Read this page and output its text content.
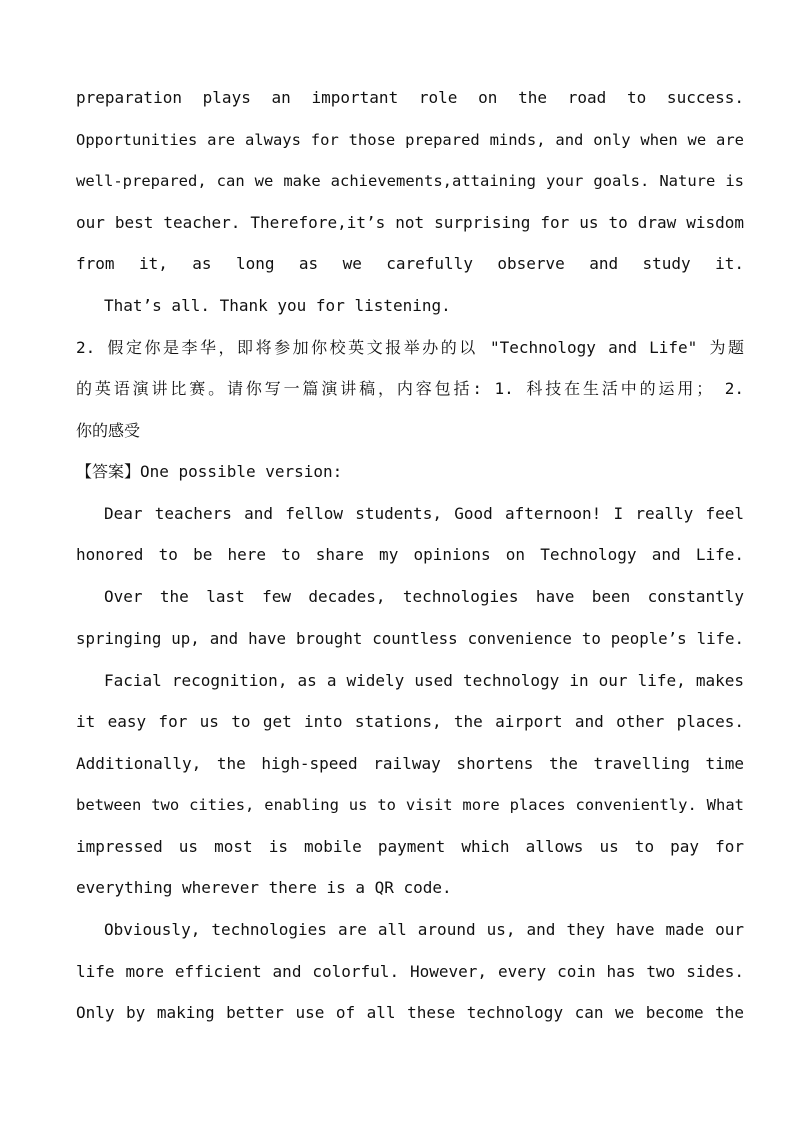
preparation plays an important role on the road to success.
Opportunities are always for those prepared minds, and only when we are
well-prepared, can we make achievements,attaining your goals. Nature is
our best teacher. Therefore,it’s not surprising for us to draw wisdom
from it, as long as we carefully observe and study it.
That’s all. Thank you for listening.
2. 假定你是李华，即将参加你校英文报举办的以 "Technology and Life" 为题
的英语演讲比赛。请你写一篇演讲稿，内容包括: 1. 科技在生活中的运用； 2.
你的感受
【答案】One possible version:
Dear teachers and fellow students, Good afternoon! I really feel
honored to be here to share my opinions on Technology and Life.
Over the last few decades, technologies have been constantly
springing up, and have brought countless convenience to people’s life.
Facial recognition, as a widely used technology in our life, makes
it easy for us to get into stations, the airport and other places.
Additionally, the high-speed railway shortens the travelling time
between two cities, enabling us to visit more places conveniently. What
impressed us most is mobile payment which allows us to pay for
everything wherever there is a QR code.
Obviously, technologies are all around us, and they have made our
life more efficient and colorful. However, every coin has two sides.
Only by making better use of all these technology can we become the
